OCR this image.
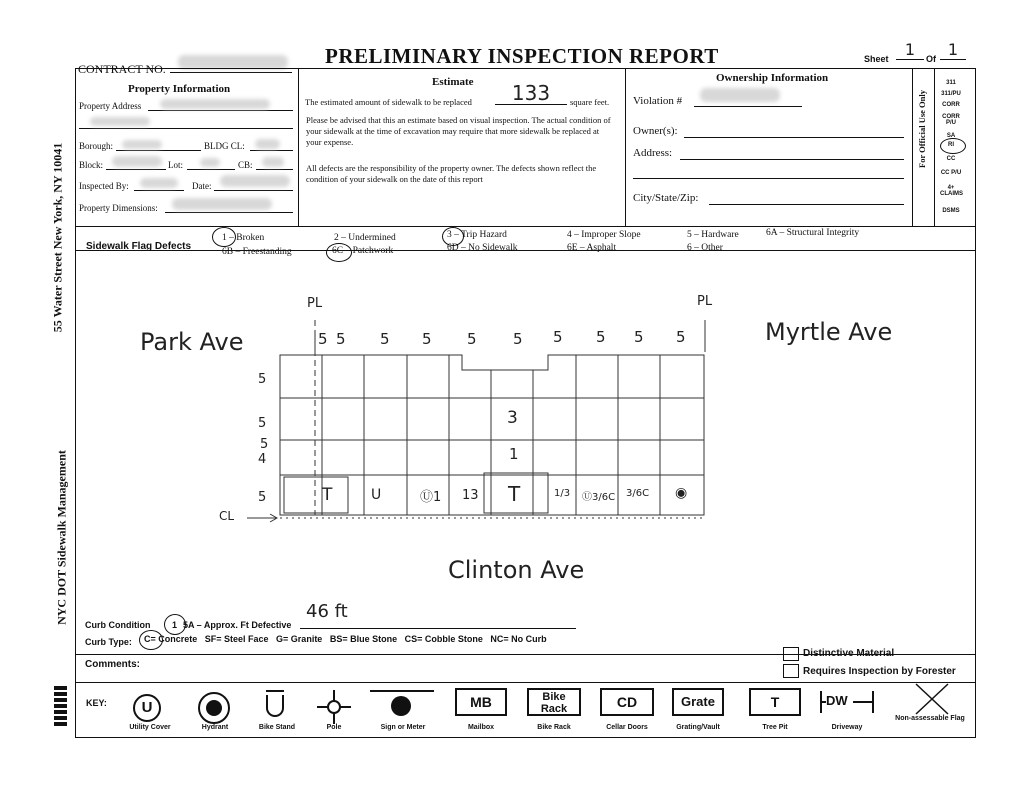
CONTRACT NO.
PRELIMINARY INSPECTION REPORT	Sheet	1	Of 1
55 Water Street New York, NY 10041
NYC DOT Sidewalk Management
Property Information
Property Address
Borough:	BLDG CL:
Block:	Lot:	CB:
Inspected By:	Date:
Property Dimensions:
Estimate
The estimated amount of sidewalk to be replaced	133	square feet.
Please be advised that this an estimate based on visual inspection. The actual condition of your sidewalk at the time of excavation may require that more sidewalk be replaced at your expense.
All defects are the responsibility of the property owner. The defects shown reflect the condition of your sidewalk on the date of this report
Ownership Information
Violation #
Owner(s):
Address:
City/State/Zip:
For Official Use Only
311
311/PU
CORR
CORR P/U
SA
RI
CC
CC P/U
4+ CLAIMS
DSMS
Sidewalk Flag Defects
1 – Broken	2 – Undermined	3 – Trip Hazard	4 – Improper Slope	5 – Hardware	6A – Structural Integrity
6B – Freestanding	6C – Patchwork	6D – No Sidewalk	6E – Asphalt	6 – Other
PL	PL
Park Ave	Myrtle Ave
Clinton Ave
CL
5 5 5 5 5 5 5 5 5
5
5
5
5
4
5	T	U	Ⓤ1 13 T	1/3 Ⓤ3/6C 3/6C ◉
3
1
Curb Condition 1 5A – Approx. Ft Defective
46 ft
Curb Type: C= Concrete   SF= Steel Face   G= Granite   BS= Blue Stone   CS= Cobble Stone   NC= No Curb
Comments:
Distinctive Material
Requires Inspection by Forester
KEY:	U
Utility Cover	Hydrant	Bike Stand	Pole	Sign or Meter
MB
Mailbox
Bike Rack
Bike Rack
CD
Cellar Doors
Grate
Grating/Vault
T
Tree Pit
DW
Driveway
Non-assessable Flag
